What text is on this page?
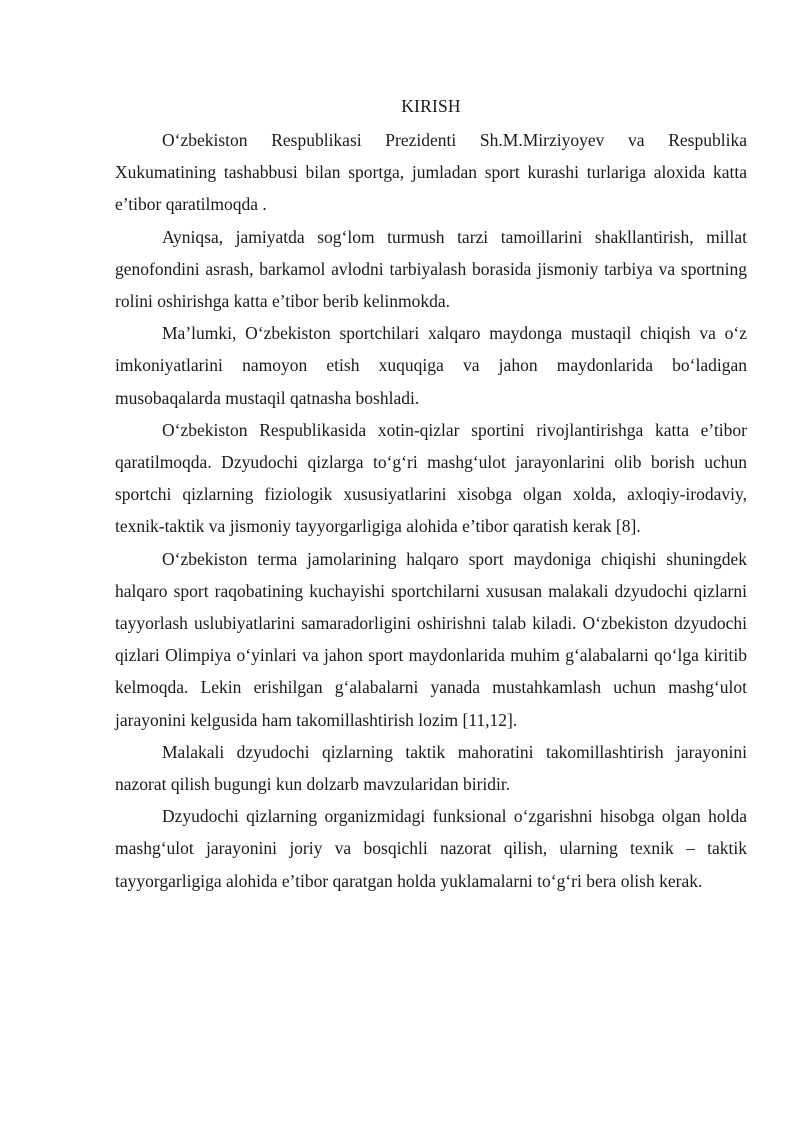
KIRISH

O‘zbekiston Respublikasi Prezidenti Sh.M.Mirziyoyev va Respublika Xukumatining tashabbusi bilan sportga, jumladan sport kurashi turlariga aloxida katta e’tibor qaratilmoqda .

Ayniqsa, jamiyatda sog‘lom turmush tarzi tamoillarini shakllantirish, millat genofondini asrash, barkamol avlodni tarbiyalash borasida jismoniy tarbiya va sportning rolini oshirishga katta e’tibor berib kelinmokda.

Ma’lumki, O‘zbekiston sportchilari xalqaro maydonga mustaqil chiqish va o‘z imkoniyatlarini namoyon etish xuquqiga va jahon maydonlarida bo‘ladigan musobaqalarda mustaqil qatnasha boshladi.

O‘zbekiston Respublikasida xotin-qizlar sportini rivojlantirishga katta e’tibor qaratilmoqda. Dzyudochi qizlarga to‘g‘ri mashg‘ulot jarayonlarini olib borish uchun sportchi qizlarning fiziologik xususiyatlarini xisobga olgan xolda, axloqiy-irodaviy, texnik-taktik va jismoniy tayyorgarligiga alohida e’tibor qaratish kerak [8].

O‘zbekiston terma jamolarining halqaro sport maydoniga chiqishi shuningdek halqaro sport raqobatining kuchayishi sportchilarni xususan malakali dzyudochi qizlarni tayyorlash uslubiyatlarini samaradorligini oshirishni talab kiladi. O‘zbekiston dzyudochi qizlari Olimpiya o‘yinlari va jahon sport maydonlarida muhim g‘alabalarni qo‘lga kiritib kelmoqda. Lekin erishilgan g‘alabalarni yanada mustahkamlash uchun mashg‘ulot jarayonini kelgusida ham takomillashtirish lozim [11,12].

Malakali dzyudochi qizlarning taktik mahoratini takomillashtirish jarayonini nazorat qilish bugungi kun dolzarb mavzularidan biridir.

Dzyudochi qizlarning organizmidagi funksional o‘zgarishni hisobga olgan holda mashg‘ulot jarayonini joriy va bosqichli nazorat qilish, ularning texnik – taktik tayyorgarligiga alohida e’tibor qaratgan holda yuklamalarni to‘g‘ri bera olish kerak.
